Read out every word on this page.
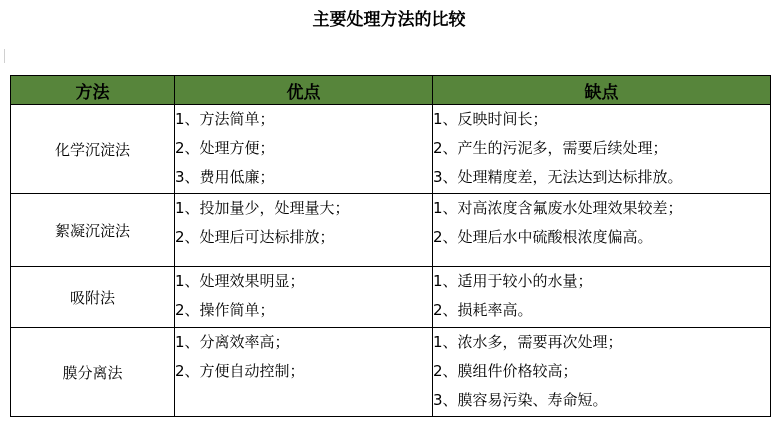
主要处理方法的比较
方法	优点	缺点
化学沉淀法	1、方法简单；
2、处理方便；
3、费用低廉；	1、反映时间长；
2、产生的污泥多，需要后续处理；
3、处理精度差，无法达到达标排放。

絮凝沉淀法	1、投加量少，处理量大；
2、处理后可达标排放；	1、对高浓度含氟废水处理效果较差；
2、处理后水中硫酸根浓度偏高。

吸附法	1、处理效果明显；
2、操作简单；	1、适用于较小的水量；
2、损耗率高。

膜分离法	1、分离效率高；
2、方便自动控制；	1、浓水多，需要再次处理；
2、膜组件价格较高；
3、膜容易污染、寿命短。
